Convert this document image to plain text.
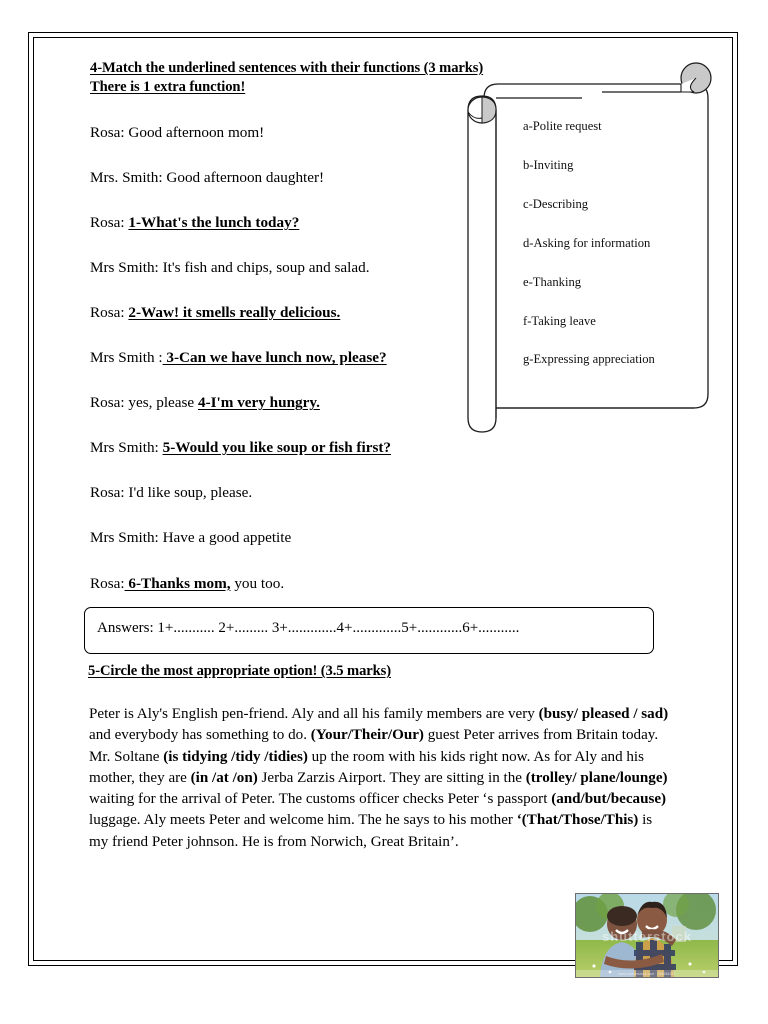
4-Match the underlined sentences with their functions (3 marks)
There is 1 extra function!
Rosa: Good afternoon mom!
Mrs. Smith: Good afternoon daughter!
Rosa: 1-What's the lunch today?
Mrs Smith: It's fish and chips, soup and salad.
Rosa: 2-Waw! it smells really delicious.
Mrs Smith : 3-Can we have lunch now, please?
Rosa: yes, please 4-I'm very hungry.
Mrs Smith: 5-Would you like soup or fish first?
Rosa: I'd like soup, please.
Mrs Smith: Have a good appetite
Rosa: 6-Thanks mom, you too.
a-Polite request
b-Inviting
c-Describing
d-Asking for information
e-Thanking
f-Taking leave
g-Expressing appreciation
Answers: 1+........... 2+......... 3+.............4+.............5+............6+...........
5-Circle the most appropriate option! (3.5 marks)
Peter is Aly's English pen-friend. Aly and all his family members are very (busy/ pleased / sad) and everybody has something to do. (Your/Their/Our) guest Peter arrives from Britain today. Mr. Soltane (is tidying /tidy /tidies) up the room with his kids right now. As for Aly and his mother, they are (in /at /on) Jerba Zarzis Airport. They are sitting in the (trolley/ plane/lounge) waiting for the arrival of Peter. The customs officer checks Peter ‘s passport (and/but/because) luggage. Aly meets Peter and welcome him. The he says to his mother ‘(That/Those/This) is my friend Peter johnson. He is from Norwich, Great Britain’.
shutterstock
www.shutterstock.com · 268354337
